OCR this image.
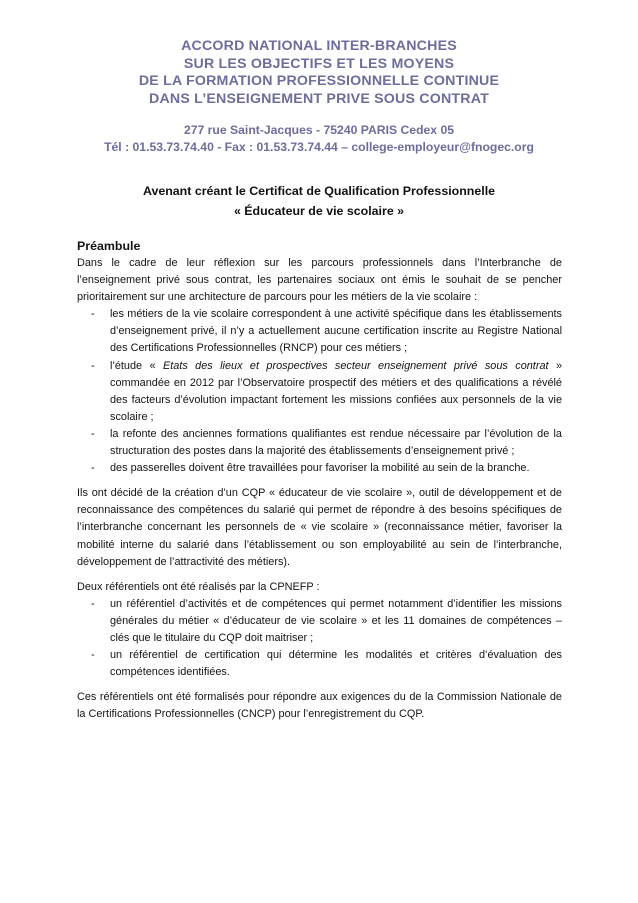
ACCORD NATIONAL INTER-BRANCHES
SUR LES OBJECTIFS ET LES MOYENS
DE LA FORMATION PROFESSIONNELLE CONTINUE
DANS L’ENSEIGNEMENT PRIVE SOUS CONTRAT
277 rue Saint-Jacques - 75240 PARIS Cedex 05
Tél : 01.53.73.74.40 - Fax : 01.53.73.74.44 – college-employeur@fnogec.org
Avenant créant le Certificat de Qualification Professionnelle
« Éducateur de vie scolaire »
Préambule

Dans le cadre de leur réflexion sur les parcours professionnels dans l’Interbranche de l’enseignement privé sous contrat, les partenaires sociaux ont émis le souhait de se pencher prioritairement sur une architecture de parcours pour les métiers de la vie scolaire :

- les métiers de la vie scolaire correspondent à une activité spécifique dans les établissements d’enseignement privé, il n’y a actuellement aucune certification inscrite au Registre National des Certifications Professionnelles (RNCP) pour ces métiers ;
- l’étude « Etats des lieux et prospectives secteur enseignement privé sous contrat » commandée en 2012 par l’Observatoire prospectif des métiers et des qualifications a révélé des facteurs d’évolution impactant fortement les missions confiées aux personnels de la vie scolaire ;
- la refonte des anciennes formations qualifiantes est rendue nécessaire par l’évolution de la structuration des postes dans la majorité des établissements d’enseignement privé ;
- des passerelles doivent être travaillées pour favoriser la mobilité au sein de la branche.

Ils ont décidé de la création d’un CQP « éducateur de vie scolaire », outil de développement et de reconnaissance des compétences du salarié qui permet de répondre à des besoins spécifiques de l’interbranche concernant les personnels de « vie scolaire » (reconnaissance métier, favoriser la mobilité interne du salarié dans l’établissement ou son employabilité au sein de l’interbranche, développement de l’attractivité des métiers).

Deux référentiels ont été réalisés par la CPNEFP :

- un référentiel d’activités et de compétences qui permet notamment d’identifier les missions générales du métier « d’éducateur de vie scolaire » et les 11 domaines de compétences –clés que le titulaire du CQP doit maitriser ;
- un référentiel de certification qui détermine les modalités et critères d’évaluation des compétences identifiées.

Ces référentiels ont été formalisés pour répondre aux exigences du de la Commission Nationale de la Certifications Professionnelles (CNCP) pour l’enregistrement du CQP.
